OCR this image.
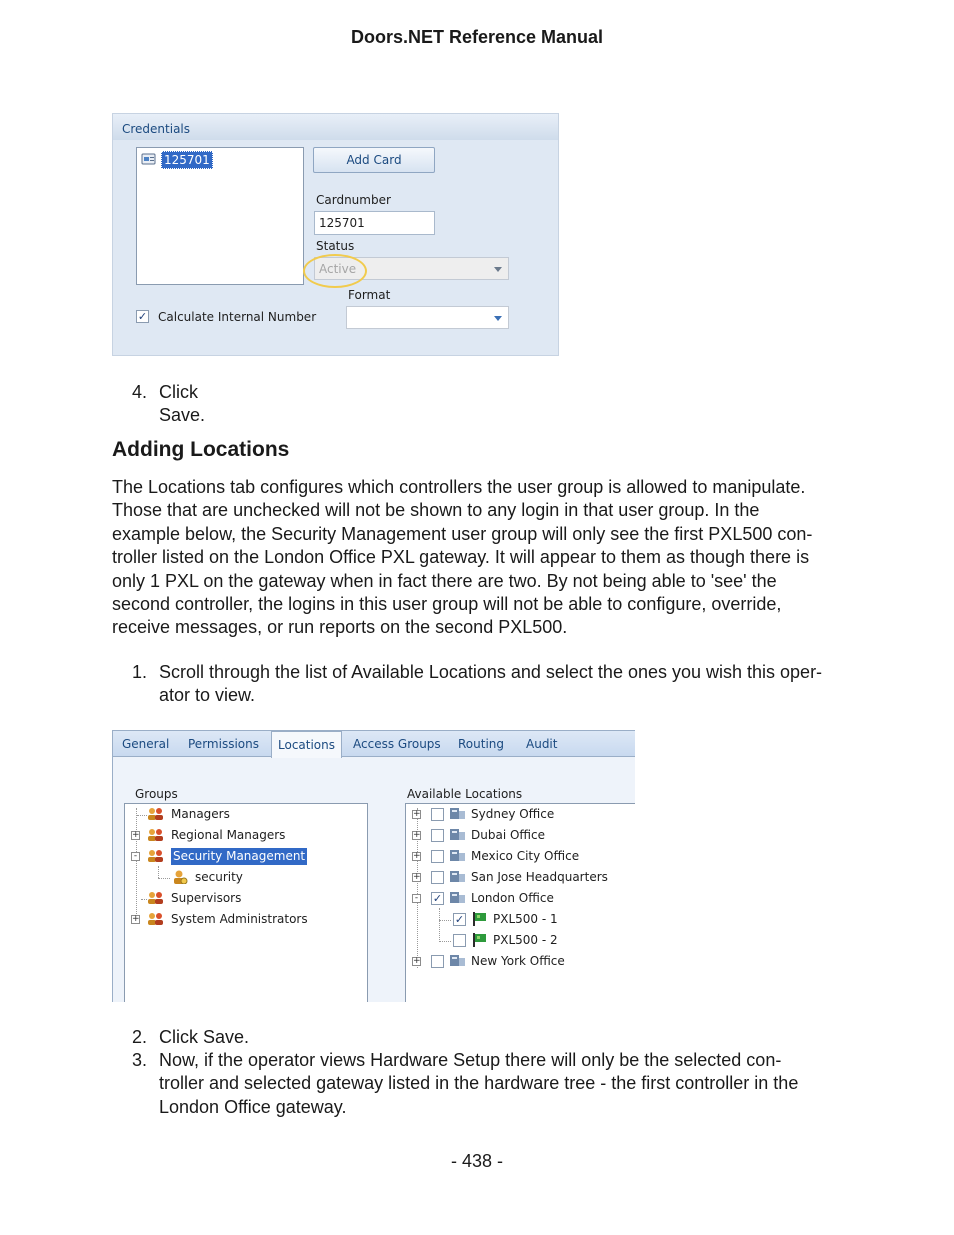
Doors.NET Reference Manual
Credentials
125701	Add Card
Cardnumber
125701
Status
Active
Format
✓ Calculate Internal Number
4. Click Save.
Adding Locations
The Locations tab configures which controllers the user group is allowed to manipulate.
Those that are unchecked will not be shown to any login in that user group. In the
example below, the Security Management user group will only see the first PXL500 con-
troller listed on the London Office PXL gateway. It will appear to them as though there is
only 1 PXL on the gateway when in fact there are two. By not being able to 'see' the
second controller, the logins in this user group will not be able to configure, override,
receive messages, or run reports on the second PXL500.
1. Scroll through the list of Available Locations and select the ones you wish this oper-
ator to view.
General Permissions	Locations	Access Groups Routing Audit
Groups
Managers
+	Regional Managers
-	Security Management
security
Supervisors
+	System Administrators
Available Locations
+	Sydney Office
+	Dubai Office
+	Mexico City Office
+	San Jose Headquarters
- ✓ London Office
✓ PXL500 - 1
PXL500 - 2
+	New York Office
2. Click Save.
3. Now, if the operator views Hardware Setup there will only be the selected con-
troller and selected gateway listed in the hardware tree - the first controller in the
London Office gateway.
- 438 -
